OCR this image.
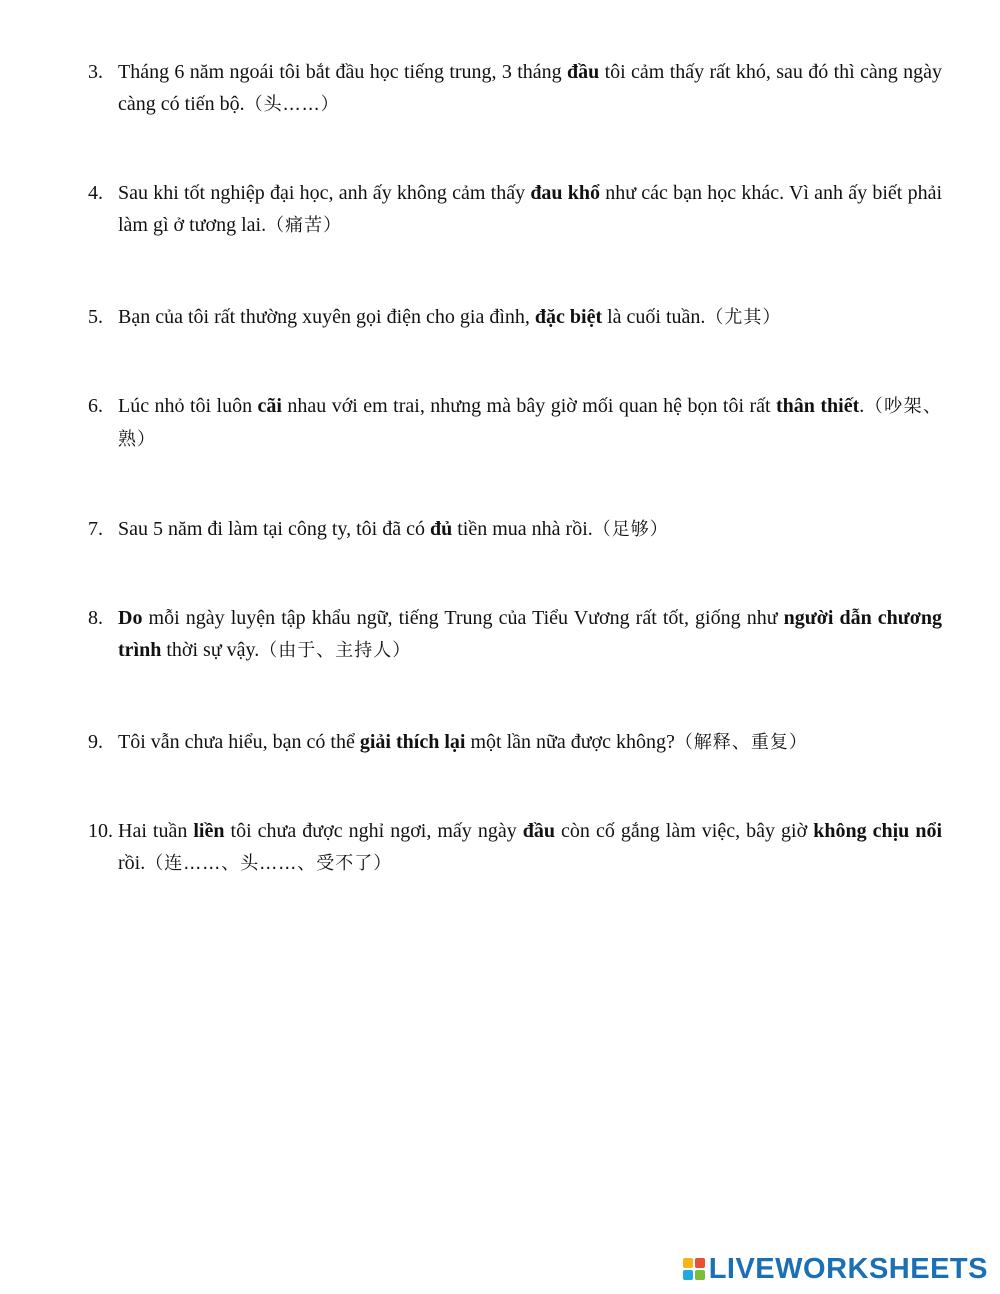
3. Tháng 6 năm ngoái tôi bắt đầu học tiếng trung, 3 tháng đầu tôi cảm thấy rất khó, sau đó thì càng ngày càng có tiến bộ.（头……）
4. Sau khi tốt nghiệp đại học, anh ấy không cảm thấy đau khổ như các bạn học khác. Vì anh ấy biết phải làm gì ở tương lai.（痛苦）
5. Bạn của tôi rất thường xuyên gọi điện cho gia đình, đặc biệt là cuối tuần.（尤其）
6. Lúc nhỏ tôi luôn cãi nhau với em trai, nhưng mà bây giờ mối quan hệ bọn tôi rất thân thiết.（吵架、熟）
7. Sau 5 năm đi làm tại công ty, tôi đã có đủ tiền mua nhà rồi.（足够）
8. Do mỗi ngày luyện tập khẩu ngữ, tiếng Trung của Tiểu Vương rất tốt, giống như người dẫn chương trình thời sự vậy.（由于、主持人）
9. Tôi vẫn chưa hiểu, bạn có thể giải thích lại một lần nữa được không?（解释、重复）
10. Hai tuần liền tôi chưa được nghỉ ngơi, mấy ngày đầu còn cố gắng làm việc, bây giờ không chịu nổi rồi.（连……、头……、受不了）
LIVEWORKSHEETS
